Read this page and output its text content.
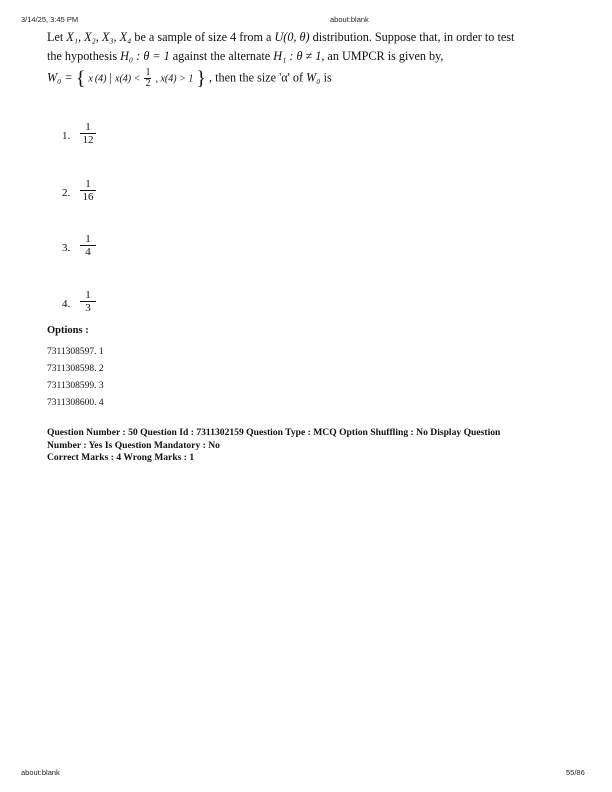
3/14/25, 3:45 PM	about:blank
Let X₁, X₂, X₃, X₄ be a sample of size 4 from a U(0, θ) distribution. Suppose that, in order to test
the hypothesis H₀ : θ = 1 against the alternate H₁ : θ ≠ 1, an UMPCR is given by,
W₀ = { x (4) | $x(4) < \frac{1}{2}$ , x(4) > 1 } , then the size 'α' of W₀ is
1. $\frac{1}{12}$
2. $\frac{1}{16}$
3. $\frac{1}{4}$
4. $\frac{1}{3}$
Options :
7311308597. 1
7311308598. 2
7311308599. 3
7311308600. 4
Question Number : 50 Question Id : 7311302159 Question Type : MCQ Option Shuffling : No Display Question
Number : Yes Is Question Mandatory : No
Correct Marks : 4 Wrong Marks : 1
about:blank	55/86
